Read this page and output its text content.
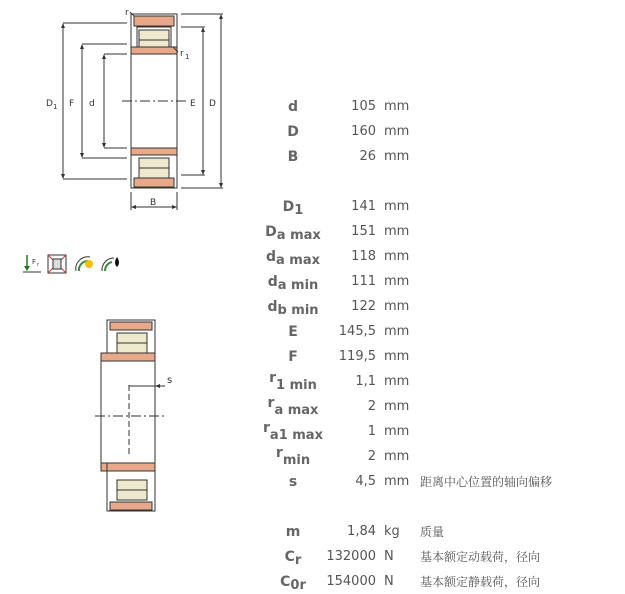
r
r 1
D 1 F d	E D
B
F r
s
d	105 mm
D	160 mm
B	26 mm
D1	141 mm
Da max	151 mm
da max	118 mm
da min	111 mm
db min	122 mm
E	145,5 mm
F	119,5 mm
r1 min	1,1 mm
ra max	2 mm
ra1 max	1 mm
rmin	2 mm
s	4,5 mm 距离中心位置的轴向偏移
m	1,84 kg 质量
Cr	132000 N 基本额定动载荷，径向
C0r	154000 N 基本额定静载荷，径向
